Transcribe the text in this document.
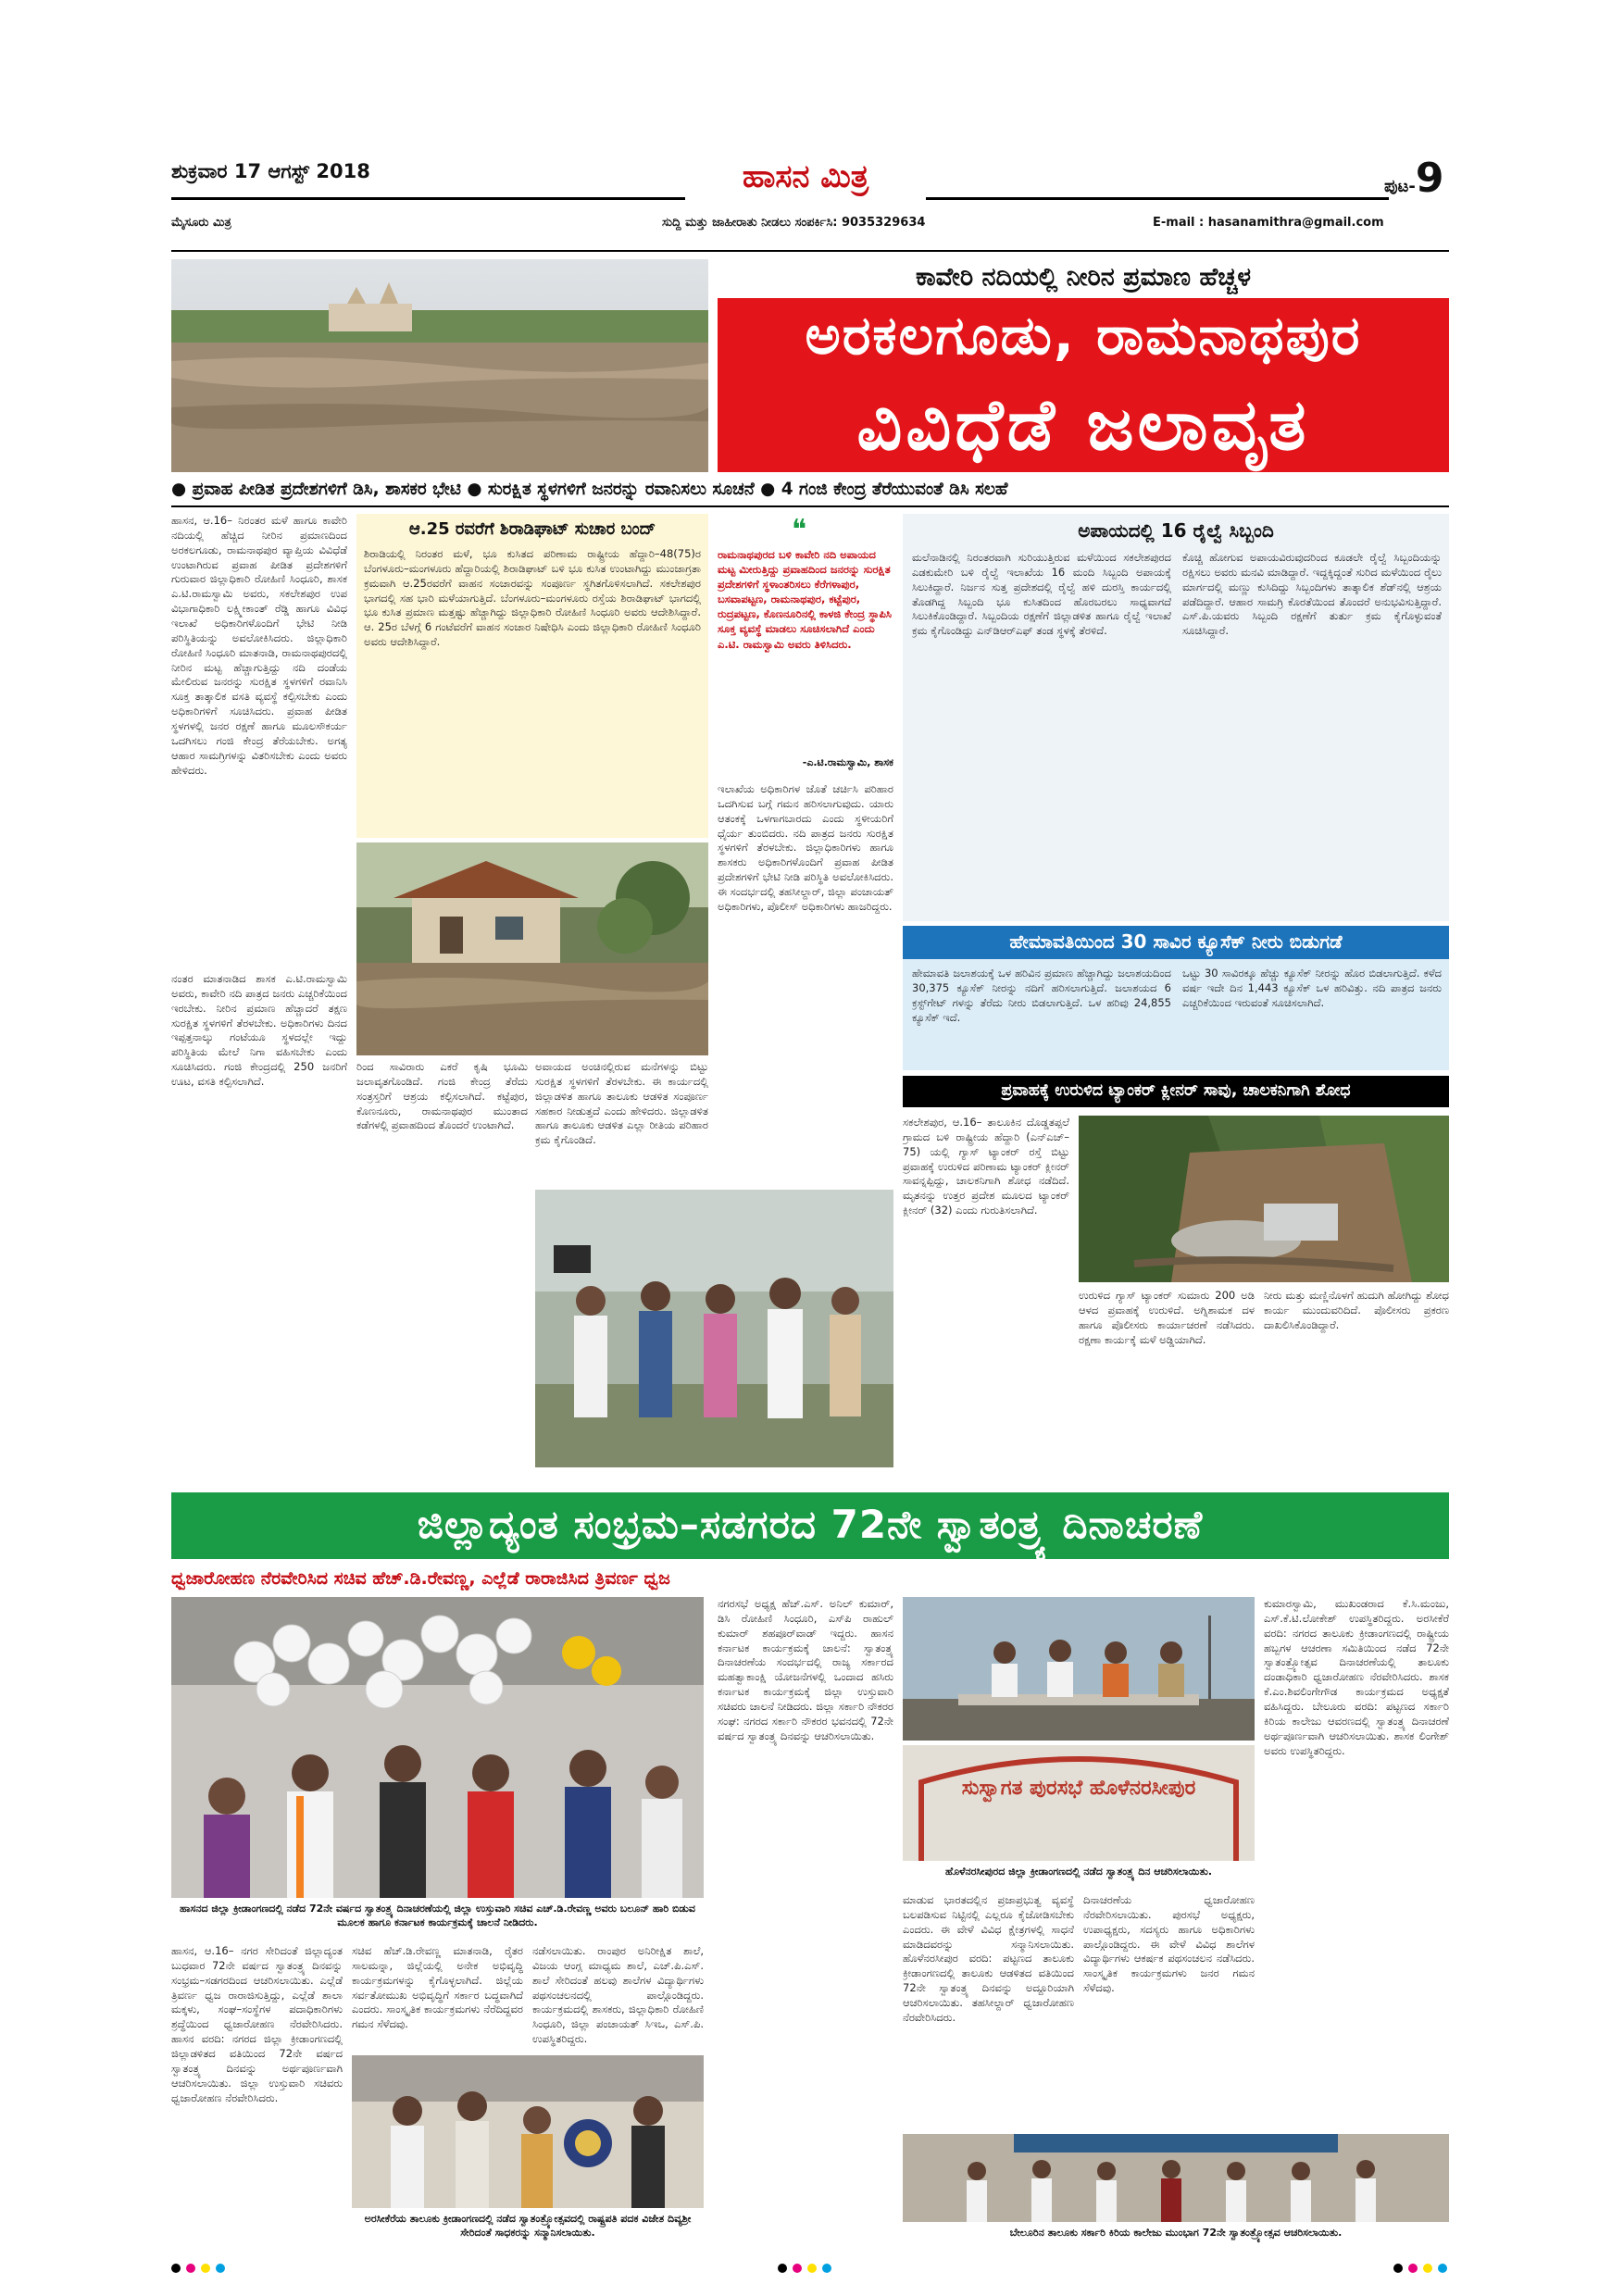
ಶುಕ್ರವಾರ 17 ಆಗಸ್ಟ್ 2018	ಹಾಸನ ಮಿತ್ರ	ಪುಟ-9
ಮೈಸೂರು ಮಿತ್ರ	ಸುದ್ದಿ ಮತ್ತು ಜಾಹೀರಾತು ನೀಡಲು ಸಂಪರ್ಕಿಸಿ: 9035329634	E-mail : hasanamithra@gmail.com
ಕಾವೇರಿ ನದಿಯಲ್ಲಿ ನೀರಿನ ಪ್ರಮಾಣ ಹೆಚ್ಚಳ
ಅರಕಲಗೂಡು, ರಾಮನಾಥಪುರ
ವಿವಿಧೆಡೆ ಜಲಾವೃತ
● ಪ್ರವಾಹ ಪೀಡಿತ ಪ್ರದೇಶಗಳಿಗೆ ಡಿಸಿ, ಶಾಸಕರ ಭೇಟಿ ● ಸುರಕ್ಷಿತ ಸ್ಥಳಗಳಿಗೆ ಜನರನ್ನು ರವಾನಿಸಲು ಸೂಚನೆ ● 4 ಗಂಜಿ ಕೇಂದ್ರ ತೆರೆಯುವಂತೆ ಡಿಸಿ ಸಲಹೆ
ಹಾಸನ, ಆ.16– ನಿರಂತರ ಮಳೆ ಹಾಗೂ ಕಾವೇರಿ ನದಿಯಲ್ಲಿ ಹೆಚ್ಚಿದ ನೀರಿನ ಪ್ರಮಾಣದಿಂದ ಅರಕಲಗೂಡು, ರಾಮನಾಥಪುರ ವ್ಯಾಪ್ತಿಯ ವಿವಿಧೆಡೆ ಉಂಟಾಗಿರುವ ಪ್ರವಾಹ ಪೀಡಿತ ಪ್ರದೇಶಗಳಿಗೆ ಗುರುವಾರ ಜಿಲ್ಲಾಧಿಕಾರಿ ರೋಹಿಣಿ ಸಿಂಧೂರಿ, ಶಾಸಕ ಎ.ಟಿ.ರಾಮಸ್ವಾಮಿ ಅವರು, ಸಕಲೇಶಪುರ ಉಪ ವಿಭಾಗಾಧಿಕಾರಿ ಲಕ್ಷ್ಮೀಕಾಂತ್ ರೆಡ್ಡಿ ಹಾಗೂ ವಿವಿಧ ಇಲಾಖೆ ಅಧಿಕಾರಿಗಳೊಂದಿಗೆ ಭೇಟಿ ನೀಡಿ ಪರಿಸ್ಥಿತಿಯನ್ನು ಅವಲೋಕಿಸಿದರು. ಜಿಲ್ಲಾಧಿಕಾರಿ ರೋಹಿಣಿ ಸಿಂಧೂರಿ ಮಾತನಾಡಿ, ರಾಮನಾಥಪುರದಲ್ಲಿ ನೀರಿನ ಮಟ್ಟ ಹೆಚ್ಚಾಗುತ್ತಿದ್ದು ನದಿ ದಂಡೆಯ ಮೇಲಿರುವ ಜನರನ್ನು ಸುರಕ್ಷಿತ ಸ್ಥಳಗಳಿಗೆ ರವಾನಿಸಿ ಸೂಕ್ತ ತಾತ್ಕಾಲಿಕ ವಸತಿ ವ್ಯವಸ್ಥೆ ಕಲ್ಪಿಸಬೇಕು ಎಂದು ಅಧಿಕಾರಿಗಳಿಗೆ ಸೂಚಿಸಿದರು. ಪ್ರವಾಹ ಪೀಡಿತ ಸ್ಥಳಗಳಲ್ಲಿ ಜನರ ರಕ್ಷಣೆ ಹಾಗೂ ಮೂಲಸೌಕರ್ಯ ಒದಗಿಸಲು ಗಂಜಿ ಕೇಂದ್ರ ತೆರೆಯಬೇಕು. ಅಗತ್ಯ ಆಹಾರ ಸಾಮಗ್ರಿಗಳನ್ನು ವಿತರಿಸಬೇಕು ಎಂದು ಅವರು ಹೇಳಿದರು.
ನಂತರ ಮಾತನಾಡಿದ ಶಾಸಕ ಎ.ಟಿ.ರಾಮಸ್ವಾಮಿ ಅವರು, ಕಾವೇರಿ ನದಿ ಪಾತ್ರದ ಜನರು ಎಚ್ಚರಿಕೆಯಿಂದ ಇರಬೇಕು. ನೀರಿನ ಪ್ರಮಾಣ ಹೆಚ್ಚಾದರೆ ತಕ್ಷಣ ಸುರಕ್ಷಿತ ಸ್ಥಳಗಳಿಗೆ ತೆರಳಬೇಕು. ಅಧಿಕಾರಿಗಳು ದಿನದ ಇಪ್ಪತ್ತನಾಲ್ಕು ಗಂಟೆಯೂ ಸ್ಥಳದಲ್ಲೇ ಇದ್ದು ಪರಿಸ್ಥಿತಿಯ ಮೇಲೆ ನಿಗಾ ವಹಿಸಬೇಕು ಎಂದು ಸೂಚಿಸಿದರು. ಗಂಜಿ ಕೇಂದ್ರದಲ್ಲಿ 250 ಜನರಿಗೆ ಊಟ, ವಸತಿ ಕಲ್ಪಿಸಲಾಗಿದೆ.
ಆ.25 ರವರೆಗೆ ಶಿರಾಡಿಘಾಟ್ ಸುಚಾರ ಬಂದ್
ಶಿರಾಡಿಯಲ್ಲಿ ನಿರಂತರ ಮಳೆ, ಭೂ ಕುಸಿತದ ಪರಿಣಾಮ ರಾಷ್ಟ್ರೀಯ ಹೆದ್ದಾರಿ–48(75)ರ ಬೆಂಗಳೂರು–ಮಂಗಳೂರು ಹೆದ್ದಾರಿಯಲ್ಲಿ ಶಿರಾಡಿಘಾಟ್ ಬಳಿ ಭೂ ಕುಸಿತ ಉಂಟಾಗಿದ್ದು ಮುಂಜಾಗ್ರತಾ ಕ್ರಮವಾಗಿ ಆ.25ರವರೆಗೆ ವಾಹನ ಸಂಚಾರವನ್ನು ಸಂಪೂರ್ಣ ಸ್ಥಗಿತಗೊಳಿಸಲಾಗಿದೆ. ಸಕಲೇಶಪುರ ಭಾಗದಲ್ಲಿ ಸಹ ಭಾರಿ ಮಳೆಯಾಗುತ್ತಿದೆ. ಬೆಂಗಳೂರು–ಮಂಗಳೂರು ರಸ್ತೆಯ ಶಿರಾಡಿಘಾಟ್ ಭಾಗದಲ್ಲಿ ಭೂ ಕುಸಿತ ಪ್ರಮಾಣ ಮತ್ತಷ್ಟು ಹೆಚ್ಚಾಗಿದ್ದು ಜಿಲ್ಲಾಧಿಕಾರಿ ರೋಹಿಣಿ ಸಿಂಧೂರಿ ಅವರು ಆದೇಶಿಸಿದ್ದಾರೆ. ಆ. 25ರ ಬೆಳಗ್ಗೆ 6 ಗಂಟೆವರೆಗೆ ವಾಹನ ಸಂಚಾರ ನಿಷೇಧಿಸಿ ಎಂದು ಜಿಲ್ಲಾಧಿಕಾರಿ ರೋಹಿಣಿ ಸಿಂಧೂರಿ ಅವರು ಆದೇಶಿಸಿದ್ದಾರೆ.
ರಿಂದ ಸಾವಿರಾರು ಎಕರೆ ಕೃಷಿ ಭೂಮಿ ಜಲಾವೃತಗೊಂಡಿದೆ. ಗಂಜಿ ಕೇಂದ್ರ ತೆರೆದು ಸಂತ್ರಸ್ತರಿಗೆ ಆಶ್ರಯ ಕಲ್ಪಿಸಲಾಗಿದೆ. ಕಟ್ಟೆಪುರ, ಕೊಣನೂರು, ರಾಮನಾಥಪುರ ಮುಂತಾದ ಕಡೆಗಳಲ್ಲಿ ಪ್ರವಾಹದಿಂದ ತೊಂದರೆ ಉಂಟಾಗಿದೆ.
ಅವಾಯದ ಅಂಚಿನಲ್ಲಿರುವ ಮನೆಗಳನ್ನು ಬಿಟ್ಟು ಸುರಕ್ಷಿತ ಸ್ಥಳಗಳಿಗೆ ತೆರಳಬೇಕು. ಈ ಕಾರ್ಯದಲ್ಲಿ ಜಿಲ್ಲಾಡಳಿತ ಹಾಗೂ ತಾಲೂಕು ಆಡಳಿತ ಸಂಪೂರ್ಣ ಸಹಕಾರ ನೀಡುತ್ತದೆ ಎಂದು ಹೇಳಿದರು. ಜಿಲ್ಲಾಡಳಿತ ಹಾಗೂ ತಾಲೂಕು ಆಡಳಿತ ಎಲ್ಲಾ ರೀತಿಯ ಪರಿಹಾರ ಕ್ರಮ ಕೈಗೊಂಡಿದೆ.
❝
ರಾಮನಾಥಪುರದ ಬಳಿ ಕಾವೇರಿ ನದಿ ಅಪಾಯದ ಮಟ್ಟ ಮೀರುತ್ತಿದ್ದು ಪ್ರವಾಹದಿಂದ ಜನರನ್ನು ಸುರಕ್ಷಿತ ಪ್ರದೇಶಗಳಿಗೆ ಸ್ಥಳಾಂತರಿಸಲು ಕೆರೆಗಳಾಪುರ, ಬಸವಾಪಟ್ಟಣ, ರಾಮನಾಥಪುರ, ಕಟ್ಟೆಪುರ, ರುದ್ರಪಟ್ಟಣ, ಕೊಣನೂರಿನಲ್ಲಿ ಕಾಳಜಿ ಕೇಂದ್ರ ಸ್ಥಾಪಿಸಿ ಸೂಕ್ತ ವ್ಯವಸ್ಥೆ ಮಾಡಲು ಸೂಚಿಸಲಾಗಿದೆ ಎಂದು ಎ.ಟಿ. ರಾಮಸ್ವಾಮಿ ಅವರು ತಿಳಿಸಿದರು.
-ಎ.ಟಿ.ರಾಮಸ್ವಾಮಿ, ಶಾಸಕ
ಇಲಾಖೆಯ ಅಧಿಕಾರಿಗಳ ಜೊತೆ ಚರ್ಚಿಸಿ ಪರಿಹಾರ ಒದಗಿಸುವ ಬಗ್ಗೆ ಗಮನ ಹರಿಸಲಾಗುವುದು. ಯಾರು ಆತಂಕಕ್ಕೆ ಒಳಗಾಗಬಾರದು ಎಂದು ಸ್ಥಳೀಯರಿಗೆ ಧೈರ್ಯ ತುಂಬಿದರು. ನದಿ ಪಾತ್ರದ ಜನರು ಸುರಕ್ಷಿತ ಸ್ಥಳಗಳಿಗೆ ತೆರಳಬೇಕು. ಜಿಲ್ಲಾಧಿಕಾರಿಗಳು ಹಾಗೂ ಶಾಸಕರು ಅಧಿಕಾರಿಗಳೊಂದಿಗೆ ಪ್ರವಾಹ ಪೀಡಿತ ಪ್ರದೇಶಗಳಿಗೆ ಭೇಟಿ ನೀಡಿ ಪರಿಸ್ಥಿತಿ ಅವಲೋಕಿಸಿದರು. ಈ ಸಂದರ್ಭದಲ್ಲಿ ತಹಸೀಲ್ದಾರ್, ಜಿಲ್ಲಾ ಪಂಚಾಯತ್ ಅಧಿಕಾರಿಗಳು, ಪೊಲೀಸ್ ಅಧಿಕಾರಿಗಳು ಹಾಜರಿದ್ದರು.
ಅಪಾಯದಲ್ಲಿ 16 ರೈಲ್ವೆ ಸಿಬ್ಬಂದಿ
ಮಲೆನಾಡಿನಲ್ಲಿ ನಿರಂತರವಾಗಿ ಸುರಿಯುತ್ತಿರುವ ಮಳೆಯಿಂದ ಸಕಲೇಶಪುರದ ಎಡಕುಮೇರಿ ಬಳಿ ರೈಲ್ವೆ ಇಲಾಖೆಯ 16 ಮಂದಿ ಸಿಬ್ಬಂದಿ ಅಪಾಯಕ್ಕೆ ಸಿಲುಕಿದ್ದಾರೆ. ನಿರ್ಜನ ಸುತ್ತ ಪ್ರದೇಶದಲ್ಲಿ ರೈಲ್ವೆ ಹಳಿ ದುರಸ್ತಿ ಕಾರ್ಯದಲ್ಲಿ ತೊಡಗಿದ್ದ ಸಿಬ್ಬಂದಿ ಭೂ ಕುಸಿತದಿಂದ ಹೊರಬರಲು ಸಾಧ್ಯವಾಗದೆ ಸಿಲುಕಿಕೊಂಡಿದ್ದಾರೆ. ಸಿಬ್ಬಂದಿಯ ರಕ್ಷಣೆಗೆ ಜಿಲ್ಲಾಡಳಿತ ಹಾಗೂ ರೈಲ್ವೆ ಇಲಾಖೆ ಕ್ರಮ ಕೈಗೊಂಡಿದ್ದು ಎನ್‌ಡಿಆರ್‌ಎಫ್ ತಂಡ ಸ್ಥಳಕ್ಕೆ ತೆರಳಿದೆ.
ಕೊಚ್ಚಿ ಹೋಗುವ ಅಪಾಯವಿರುವುದರಿಂದ ಕೂಡಲೇ ರೈಲ್ವೆ ಸಿಬ್ಬಂದಿಯನ್ನು ರಕ್ಷಿಸಲು ಅವರು ಮನವಿ ಮಾಡಿದ್ದಾರೆ. ಇದ್ದಕ್ಕಿದ್ದಂತೆ ಸುರಿದ ಮಳೆಯಿಂದ ರೈಲು ಮಾರ್ಗದಲ್ಲಿ ಮಣ್ಣು ಕುಸಿದಿದ್ದು ಸಿಬ್ಬಂದಿಗಳು ತಾತ್ಕಾಲಿಕ ಶೆಡ್‌ನಲ್ಲಿ ಆಶ್ರಯ ಪಡೆದಿದ್ದಾರೆ. ಆಹಾರ ಸಾಮಗ್ರಿ ಕೊರತೆಯಿಂದ ತೊಂದರೆ ಅನುಭವಿಸುತ್ತಿದ್ದಾರೆ. ಎಸ್.ಪಿ.ಯವರು ಸಿಬ್ಬಂದಿ ರಕ್ಷಣೆಗೆ ತುರ್ತು ಕ್ರಮ ಕೈಗೊಳ್ಳುವಂತೆ ಸೂಚಿಸಿದ್ದಾರೆ.
ಹೇಮಾವತಿಯಿಂದ 30 ಸಾವಿರ ಕ್ಯೂಸೆಕ್ ನೀರು ಬಿಡುಗಡೆ
ಹೇಮಾವತಿ ಜಲಾಶಯಕ್ಕೆ ಒಳ ಹರಿವಿನ ಪ್ರಮಾಣ ಹೆಚ್ಚಾಗಿದ್ದು ಜಲಾಶಯದಿಂದ 30,375 ಕ್ಯೂಸೆಕ್ ನೀರನ್ನು ನದಿಗೆ ಹರಿಸಲಾಗುತ್ತಿದೆ. ಜಲಾಶಯದ 6 ಕ್ರಸ್ಟ್‌ಗೇಟ್ ಗಳನ್ನು ತೆರೆದು ನೀರು ಬಿಡಲಾಗುತ್ತಿದೆ. ಒಳ ಹರಿವು 24,855 ಕ್ಯೂಸೆಕ್ ಇದೆ.
ಒಟ್ಟು 30 ಸಾವಿರಕ್ಕೂ ಹೆಚ್ಚು ಕ್ಯೂಸೆಕ್ ನೀರನ್ನು ಹೊರ ಬಿಡಲಾಗುತ್ತಿದೆ. ಕಳೆದ ವರ್ಷ ಇದೇ ದಿನ 1,443 ಕ್ಯೂಸೆಕ್ ಒಳ ಹರಿವಿತ್ತು. ನದಿ ಪಾತ್ರದ ಜನರು ಎಚ್ಚರಿಕೆಯಿಂದ ಇರುವಂತೆ ಸೂಚಿಸಲಾಗಿದೆ.
ಪ್ರವಾಹಕ್ಕೆ ಉರುಳಿದ ಟ್ಯಾಂಕರ್ ಕ್ಲೀನರ್ ಸಾವು, ಚಾಲಕನಿಗಾಗಿ ಶೋಧ
ಸಕಲೇಶಪುರ, ಆ.16– ತಾಲೂಕಿನ ದೊಡ್ಡತಪ್ಪಲೆ ಗ್ರಾಮದ ಬಳಿ ರಾಷ್ಟ್ರೀಯ ಹೆದ್ದಾರಿ (ಎನ್‌ಎಚ್–75) ಯಲ್ಲಿ ಗ್ಯಾಸ್ ಟ್ಯಾಂಕರ್ ರಸ್ತೆ ಬಿಟ್ಟು ಪ್ರವಾಹಕ್ಕೆ ಉರುಳಿದ ಪರಿಣಾಮ ಟ್ಯಾಂಕರ್ ಕ್ಲೀನರ್ ಸಾವನ್ನಪ್ಪಿದ್ದು, ಚಾಲಕನಿಗಾಗಿ ಶೋಧ ನಡೆದಿದೆ. ಮೃತನನ್ನು ಉತ್ತರ ಪ್ರದೇಶ ಮೂಲದ ಟ್ಯಾಂಕರ್ ಕ್ಲೀನರ್ (32) ಎಂದು ಗುರುತಿಸಲಾಗಿದೆ.
ಉರುಳಿದ ಗ್ಯಾಸ್ ಟ್ಯಾಂಕರ್ ಸುಮಾರು 200 ಅಡಿ ಆಳದ ಪ್ರವಾಹಕ್ಕೆ ಉರುಳಿದೆ. ಅಗ್ನಿಶಾಮಕ ದಳ ಹಾಗೂ ಪೊಲೀಸರು ಕಾರ್ಯಾಚರಣೆ ನಡೆಸಿದರು. ರಕ್ಷಣಾ ಕಾರ್ಯಕ್ಕೆ ಮಳೆ ಅಡ್ಡಿಯಾಗಿದೆ.
ನೀರು ಮತ್ತು ಮಣ್ಣಿನೊಳಗೆ ಹುದುಗಿ ಹೋಗಿದ್ದು ಶೋಧ ಕಾರ್ಯ ಮುಂದುವರಿದಿದೆ. ಪೊಲೀಸರು ಪ್ರಕರಣ ದಾಖಲಿಸಿಕೊಂಡಿದ್ದಾರೆ.
ಜಿಲ್ಲಾದ್ಯಂತ ಸಂಭ್ರಮ–ಸಡಗರದ 72ನೇ ಸ್ವಾತಂತ್ರ್ಯ ದಿನಾಚರಣೆ
ಧ್ವಜಾರೋಹಣ ನೆರವೇರಿಸಿದ ಸಚಿವ ಹೆಚ್.ಡಿ.ರೇವಣ್ಣ, ಎಲ್ಲೆಡೆ ರಾರಾಜಿಸಿದ ತ್ರಿವರ್ಣ ಧ್ವಜ
ಹಾಸನದ ಜಿಲ್ಲಾ ಕ್ರೀಡಾಂಗಣದಲ್ಲಿ ನಡೆದ 72ನೇ ವರ್ಷದ ಸ್ವಾತಂತ್ರ್ಯ ದಿನಾಚರಣೆಯಲ್ಲಿ ಜಿಲ್ಲಾ ಉಸ್ತುವಾರಿ ಸಚಿವ ಎಚ್.ಡಿ.ರೇವಣ್ಣ ಅವರು ಬಲೂನ್ ಹಾರಿ ಬಿಡುವ ಮೂಲಕ ಹಾಗೂ ಕರ್ನಾಟಕ ಕಾರ್ಯಕ್ರಮಕ್ಕೆ ಚಾಲನೆ ನೀಡಿದರು.
ಹಾಸನ, ಆ.16– ನಗರ ಸೇರಿದಂತೆ ಜಿಲ್ಲಾದ್ಯಂತ ಬುಧವಾರ 72ನೇ ವರ್ಷದ ಸ್ವಾತಂತ್ರ್ಯ ದಿನವನ್ನು ಸಂಭ್ರಮ–ಸಡಗರದಿಂದ ಆಚರಿಸಲಾಯಿತು. ಎಲ್ಲೆಡೆ ತ್ರಿವರ್ಣ ಧ್ವಜ ರಾರಾಜಿಸುತ್ತಿದ್ದು, ಎಲ್ಲೆಡೆ ಶಾಲಾ ಮಕ್ಕಳು, ಸಂಘ–ಸಂಸ್ಥೆಗಳ ಪದಾಧಿಕಾರಿಗಳು ಶ್ರದ್ಧೆಯಿಂದ ಧ್ವಜಾರೋಹಣ ನೆರವೇರಿಸಿದರು. ಹಾಸನ ವರದಿ: ನಗರದ ಜಿಲ್ಲಾ ಕ್ರೀಡಾಂಗಣದಲ್ಲಿ ಜಿಲ್ಲಾಡಳಿತದ ವತಿಯಿಂದ 72ನೇ ವರ್ಷದ ಸ್ವಾತಂತ್ರ್ಯ ದಿನವನ್ನು ಅರ್ಥಪೂರ್ಣವಾಗಿ ಆಚರಿಸಲಾಯಿತು. ಜಿಲ್ಲಾ ಉಸ್ತುವಾರಿ ಸಚಿವರು ಧ್ವಜಾರೋಹಣ ನೆರವೇರಿಸಿದರು.
ಸಚಿವ ಹೆಚ್.ಡಿ.ರೇವಣ್ಣ ಮಾತನಾಡಿ, ರೈತರ ಸಾಲಮನ್ನಾ, ಜಿಲ್ಲೆಯಲ್ಲಿ ಅನೇಕ ಅಭಿವೃದ್ಧಿ ಕಾರ್ಯಕ್ರಮಗಳನ್ನು ಕೈಗೊಳ್ಳಲಾಗಿದೆ. ಜಿಲ್ಲೆಯ ಸರ್ವತೋಮುಖ ಅಭಿವೃದ್ಧಿಗೆ ಸರ್ಕಾರ ಬದ್ಧವಾಗಿದೆ ಎಂದರು. ಸಾಂಸ್ಕೃತಿಕ ಕಾರ್ಯಕ್ರಮಗಳು ನೆರೆದಿದ್ದವರ ಗಮನ ಸೆಳೆದವು.
ನಡೆಸಲಾಯಿತು. ರಾಂಪುರ ಅನಿರೀಕ್ಷಿತ ಶಾಲೆ, ವಿಜಯ ಆಂಗ್ಲ ಮಾಧ್ಯಮ ಶಾಲೆ, ಎಚ್.ಪಿ.ಎಸ್. ಶಾಲೆ ಸೇರಿದಂತೆ ಹಲವು ಶಾಲೆಗಳ ವಿದ್ಯಾರ್ಥಿಗಳು ಪಥಸಂಚಲನದಲ್ಲಿ ಪಾಲ್ಗೊಂಡಿದ್ದರು. ಕಾರ್ಯಕ್ರಮದಲ್ಲಿ ಶಾಸಕರು, ಜಿಲ್ಲಾಧಿಕಾರಿ ರೋಹಿಣಿ ಸಿಂಧೂರಿ, ಜಿಲ್ಲಾ ಪಂಚಾಯತ್ ಸಿಇಒ, ಎಸ್.ಪಿ. ಉಪಸ್ಥಿತರಿದ್ದರು.
ಅರಸೀಕೆರೆಯ ತಾಲೂಕು ಕ್ರೀಡಾಂಗಣದಲ್ಲಿ ನಡೆದ ಸ್ವಾತಂತ್ರ್ಯೋತ್ಸವದಲ್ಲಿ ರಾಷ್ಟ್ರಪತಿ ಪದಕ ವಿಜೇತ ದಿವ್ಯಶ್ರೀ ಸೇರಿದಂತೆ ಸಾಧಕರನ್ನು ಸನ್ಮಾನಿಸಲಾಯಿತು.
ನಗರಸಭೆ ಅಧ್ಯಕ್ಷ ಹೆಚ್.ಎಸ್. ಅನಿಲ್ ಕುಮಾರ್, ಡಿಸಿ ರೋಹಿಣಿ ಸಿಂಧೂರಿ, ಎಸ್‌ಪಿ ರಾಹುಲ್ ಕುಮಾರ್ ಶಹಪೂರ್‌ವಾಡ್ ಇದ್ದರು. ಹಾಸನ ಕರ್ನಾಟಕ ಕಾರ್ಯಕ್ರಮಕ್ಕೆ ಚಾಲನೆ: ಸ್ವಾತಂತ್ರ್ಯ ದಿನಾಚರಣೆಯ ಸಂದರ್ಭದಲ್ಲಿ ರಾಜ್ಯ ಸರ್ಕಾರದ ಮಹತ್ವಾಕಾಂಕ್ಷಿ ಯೋಜನೆಗಳಲ್ಲಿ ಒಂದಾದ ಹಸಿರು ಕರ್ನಾಟಕ ಕಾರ್ಯಕ್ರಮಕ್ಕೆ ಜಿಲ್ಲಾ ಉಸ್ತುವಾರಿ ಸಚಿವರು ಚಾಲನೆ ನೀಡಿದರು. ಜಿಲ್ಲಾ ಸರ್ಕಾರಿ ನೌಕರರ ಸಂಘ: ನಗರದ ಸರ್ಕಾರಿ ನೌಕರರ ಭವನದಲ್ಲಿ 72ನೇ ವರ್ಷದ ಸ್ವಾತಂತ್ರ್ಯ ದಿನವನ್ನು ಆಚರಿಸಲಾಯಿತು.
ಸುಸ್ವಾಗತ ಪುರಸಭೆ ಹೊಳೆನರಸೀಪುರ
ಹೊಳೆನರಸೀಪುರದ ಜಿಲ್ಲಾ ಕ್ರೀಡಾಂಗಣದಲ್ಲಿ ನಡೆದ ಸ್ವಾತಂತ್ರ್ಯ ದಿನ ಆಚರಿಸಲಾಯಿತು.
ಮಾಡುವ ಭಾರತದಲ್ಲಿನ ಪ್ರಜಾಪ್ರಭುತ್ವ ವ್ಯವಸ್ಥೆ ಬಲಪಡಿಸುವ ನಿಟ್ಟಿನಲ್ಲಿ ಎಲ್ಲರೂ ಕೈಜೋಡಿಸಬೇಕು ಎಂದರು. ಈ ವೇಳೆ ವಿವಿಧ ಕ್ಷೇತ್ರಗಳಲ್ಲಿ ಸಾಧನೆ ಮಾಡಿದವರನ್ನು ಸನ್ಮಾನಿಸಲಾಯಿತು. ಹೊಳೆನರಸೀಪುರ ವರದಿ: ಪಟ್ಟಣದ ತಾಲೂಕು ಕ್ರೀಡಾಂಗಣದಲ್ಲಿ ತಾಲೂಕು ಆಡಳಿತದ ವತಿಯಿಂದ 72ನೇ ಸ್ವಾತಂತ್ರ್ಯ ದಿನವನ್ನು ಅದ್ದೂರಿಯಾಗಿ ಆಚರಿಸಲಾಯಿತು. ತಹಸೀಲ್ದಾರ್ ಧ್ವಜಾರೋಹಣ ನೆರವೇರಿಸಿದರು.
ದಿನಾಚರಣೆಯ ಧ್ವಜಾರೋಹಣ ನೆರವೇರಿಸಲಾಯಿತು. ಪುರಸಭೆ ಅಧ್ಯಕ್ಷರು, ಉಪಾಧ್ಯಕ್ಷರು, ಸದಸ್ಯರು ಹಾಗೂ ಅಧಿಕಾರಿಗಳು ಪಾಲ್ಗೊಂಡಿದ್ದರು. ಈ ವೇಳೆ ವಿವಿಧ ಶಾಲೆಗಳ ವಿದ್ಯಾರ್ಥಿಗಳು ಆಕರ್ಷಕ ಪಥಸಂಚಲನ ನಡೆಸಿದರು. ಸಾಂಸ್ಕೃತಿಕ ಕಾರ್ಯಕ್ರಮಗಳು ಜನರ ಗಮನ ಸೆಳೆದವು.
ಕುಮಾರಸ್ವಾಮಿ, ಮುಖಂಡರಾದ ಕೆ.ಸಿ.ಮಂಜು, ಎಸ್.ಕೆ.ಟಿ.ಲೋಕೇಶ್ ಉಪಸ್ಥಿತರಿದ್ದರು. ಅರಸೀಕೆರೆ ವರದಿ: ನಗರದ ತಾಲೂಕು ಕ್ರೀಡಾಂಗಣದಲ್ಲಿ ರಾಷ್ಟ್ರೀಯ ಹಬ್ಬಗಳ ಆಚರಣಾ ಸಮಿತಿಯಿಂದ ನಡೆದ 72ನೇ ಸ್ವಾತಂತ್ರ್ಯೋತ್ಸವ ದಿನಾಚರಣೆಯಲ್ಲಿ ತಾಲೂಕು ದಂಡಾಧಿಕಾರಿ ಧ್ವಜಾರೋಹಣ ನೆರವೇರಿಸಿದರು. ಶಾಸಕ ಕೆ.ಎಂ.ಶಿವಲಿಂಗೇಗೌಡ ಕಾರ್ಯಕ್ರಮದ ಅಧ್ಯಕ್ಷತೆ ವಹಿಸಿದ್ದರು. ಬೇಲೂರು ವರದಿ: ಪಟ್ಟಣದ ಸರ್ಕಾರಿ ಕಿರಿಯ ಕಾಲೇಜು ಆವರಣದಲ್ಲಿ ಸ್ವಾತಂತ್ರ್ಯ ದಿನಾಚರಣೆ ಅರ್ಥಪೂರ್ಣವಾಗಿ ಆಚರಿಸಲಾಯಿತು. ಶಾಸಕ ಲಿಂಗೇಶ್ ಅವರು ಉಪಸ್ಥಿತರಿದ್ದರು.
ಬೇಲೂರಿನ ತಾಲೂಕು ಸರ್ಕಾರಿ ಕಿರಿಯ ಕಾಲೇಜು ಮುಂಭಾಗ 72ನೇ ಸ್ವಾತಂತ್ರ್ಯೋತ್ಸವ ಆಚರಿಸಲಾಯಿತು.
